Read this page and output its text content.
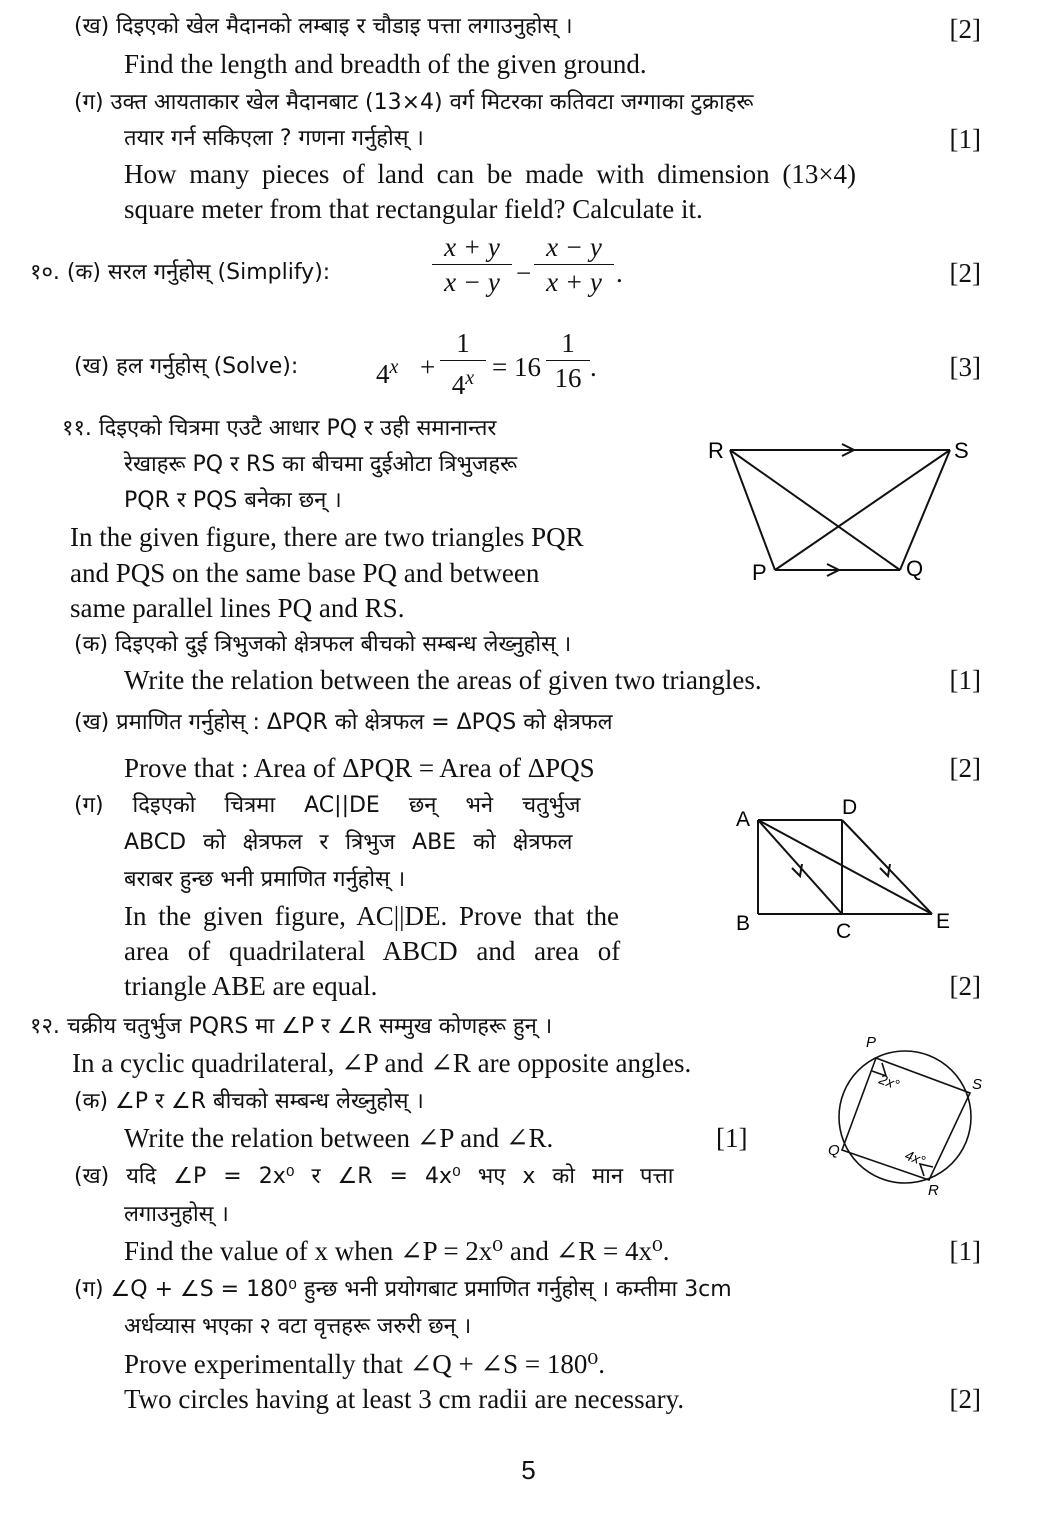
(ख) दिइएको खेल मैदानको लम्बाइ र चौडाइ पत्ता लगाउनुहोस् ।	[2]
Find the length and breadth of the given ground.
(ग) उक्त आयताकार खेल मैदानबाट (13×4) वर्ग मिटरका कतिवटा जग्गाका टुक्राहरू
तयार गर्न सकिएला ? गणना गर्नुहोस् ।	[1]
How many pieces of land can be made with dimension (13×4)
square meter from that rectangular field? Calculate it.
१०. (क) सरल गर्नुहोस् (Simplify):	$\frac{x + y}{x - y} - \frac{x - y}{x + y}$ .	[2]
(ख) हल गर्नुहोस् (Solve):	$4^x + \frac{1}{4^x} = 16 \frac{1}{16}$ .	[3]
११. दिइएको चित्रमा एउटै आधार PQ र उही समानान्तर
रेखाहरू PQ र RS का बीचमा दुईओटा त्रिभुजहरू
PQR र PQS बनेका छन् ।
In the given figure, there are two triangles PQR
and PQS on the same base PQ and between
same parallel lines PQ and RS.
R	S
P	Q
(क) दिइएको दुई त्रिभुजको क्षेत्रफल बीचको सम्बन्ध लेख्नुहोस् ।
Write the relation between the areas of given two triangles.	[1]
(ख) प्रमाणित गर्नुहोस् : ΔPQR को क्षेत्रफल = ΔPQS को क्षेत्रफल
Prove that : Area of ΔPQR = Area of ΔPQS	[2]
(ग) दिइएको चित्रमा AC||DE छन् भने चतुर्भुज
ABCD को क्षेत्रफल र त्रिभुज ABE को क्षेत्रफल
बराबर हुन्छ भनी प्रमाणित गर्नुहोस् ।
In the given figure, AC||DE. Prove that the
area of quadrilateral ABCD and area of
triangle ABE are equal.	[2]
A
D
B	C	E
१२. चक्रीय चतुर्भुज PQRS मा ∠P र ∠R सम्मुख कोणहरू हुन् ।
In a cyclic quadrilateral, ∠P and ∠R are opposite angles.
(क) ∠P र ∠R बीचको सम्बन्ध लेख्नुहोस् ।
Write the relation between ∠P and ∠R.	[1]
(ख) यदि ∠P = 2x⁰ र ∠R = 4x⁰ भए x को मान पत्ता
लगाउनुहोस् ।
Find the value of x when ∠P = 2x⁰ and ∠R = 4x⁰.	[1]
(ग) ∠Q + ∠S = 180⁰ हुन्छ भनी प्रयोगबाट प्रमाणित गर्नुहोस् । कम्तीमा 3cm
अर्धव्यास भएका २ वटा वृत्तहरू जरुरी छन् ।
Prove experimentally that ∠Q + ∠S = 180⁰.
Two circles having at least 3 cm radii are necessary.	[2]
P
S
Q
R
2x°
4x°
5
